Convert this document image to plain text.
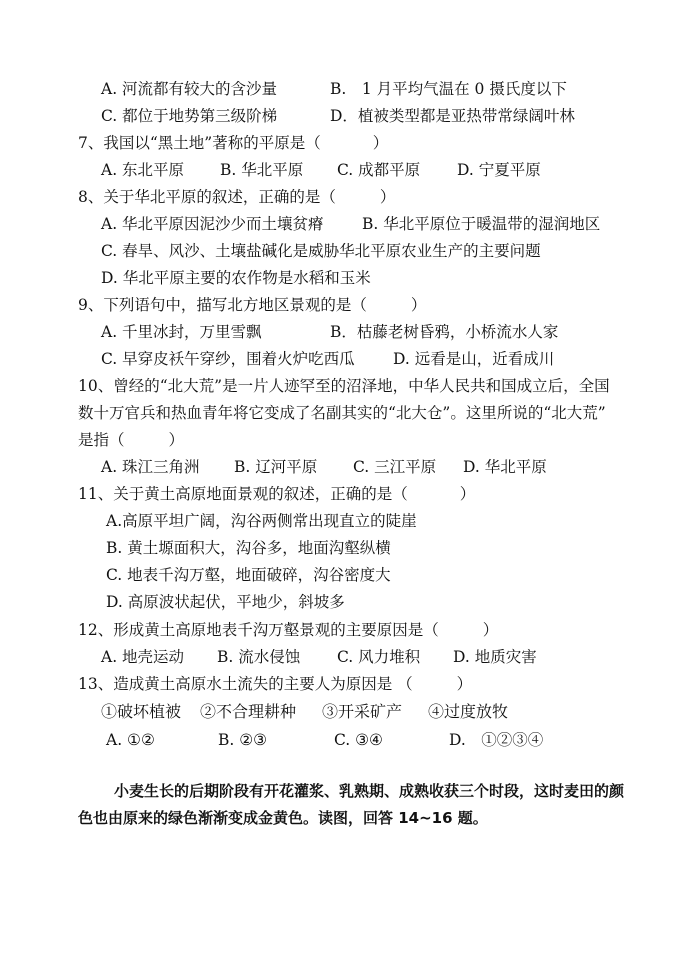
A. 河流都有较大的含沙量	B.　1 月平均气温在 0 摄氏度以下
C. 都位于地势第三级阶梯	D．植被类型都是亚热带常绿阔叶林
7、我国以“黑土地”著称的平原是（	）
A. 东北平原 B. 华北平原 C. 成都平原 D. 宁夏平原
8、关于华北平原的叙述，正确的是（	）
A. 华北平原因泥沙少而土壤贫瘠 B. 华北平原位于暖温带的湿润地区
C. 春旱、风沙、土壤盐碱化是威胁华北平原农业生产的主要问题
D. 华北平原主要的农作物是水稻和玉米
9、下列语句中，描写北方地区景观的是（	）
A. 千里冰封，万里雪飘	B．枯藤老树昏鸦，小桥流水人家
C. 早穿皮袄午穿纱，围着火炉吃西瓜 D. 远看是山，近看成川
10、曾经的“北大荒”是一片人迹罕至的沼泽地，中华人民共和国成立后，全国
数十万官兵和热血青年将它变成了名副其实的“北大仓”。这里所说的“北大荒”
是指（	）
A. 珠江三角洲 B. 辽河平原 C. 三江平原 D. 华北平原
11、关于黄土高原地面景观的叙述，正确的是（	）
A.高原平坦广阔，沟谷两侧常出现直立的陡崖
B. 黄土塬面积大，沟谷多，地面沟壑纵横
C. 地表千沟万壑，地面破碎，沟谷密度大
D. 高原波状起伏，平地少，斜坡多
12、形成黄土高原地表千沟万壑景观的主要原因是（	）
A. 地壳运动 B. 流水侵蚀 C. 风力堆积 D. 地质灾害
13、造成黄土高原水土流失的主要人为原因是 （	）
①破坏植被 ②不合理耕种 ③开采矿产 ④过度放牧
A. ①②	B. ②③	C. ③④	D.　①②③④
小麦生长的后期阶段有开花灌浆、乳熟期、成熟收获三个时段，这时麦田的颜色也由原来的绿色渐渐变成金黄色。读图，回答 14~16 题。
